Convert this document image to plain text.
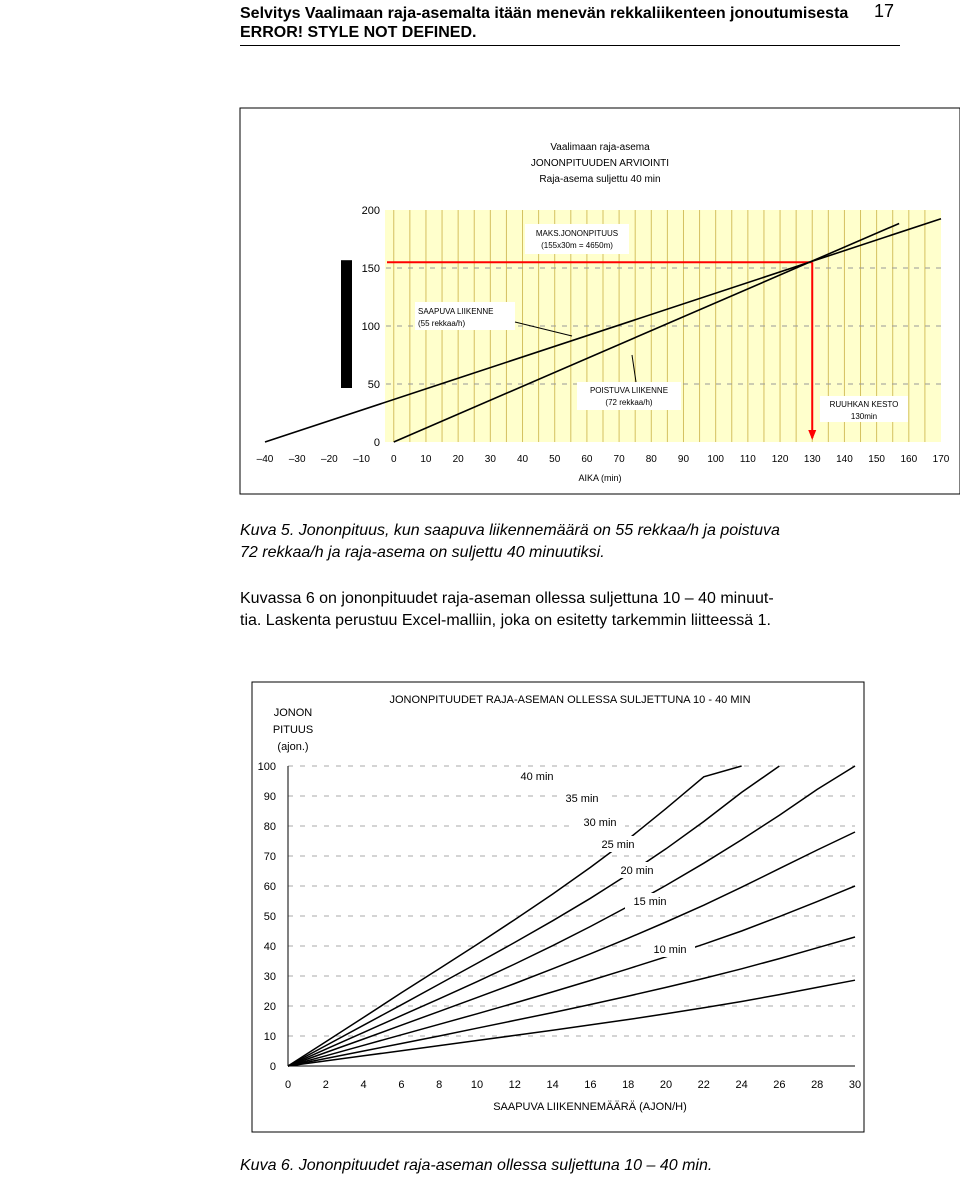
Selvitys Vaalimaan raja-asemalta itään menevän rekkaliikenteen jonoutumisesta
ERROR! STYLE NOT DEFINED.
17
Vaalimaan raja-asema
JONONPITUUDEN ARVIOINTI
Raja-asema suljettu 40 min
0
50
100
150
200
MAKS.JONONPITUUS
(155x30m = 4650m)
SAAPUVA LIIKENNE
(55 rekkaa/h)
POISTUVA LIIKENNE
(72 rekkaa/h)	RUUHKAN KESTO
130min
–40 –30 –20 –10 0 10 20 30 40 50 60 70 80 90 100 110 120 130 140 150 160 170
AIKA (min)
Kuva 5. Jononpituus, kun saapuva liikennemäärä on 55 rekkaa/h ja poistuva
72 rekkaa/h ja raja-asema on suljettu 40 minuutiksi.
Kuvassa 6 on jononpituudet raja-aseman ollessa suljettuna 10 – 40 minuut-
tia. Laskenta perustuu Excel-malliin, joka on esitetty tarkemmin liitteessä 1.
JONONPITUUDET RAJA-ASEMAN OLLESSA SULJETTUNA 10 - 40 MIN
JONON
PITUUS
(ajon.)
0
10
20
30
40
50
60
70
80
90
100
40 min
35 min
30 min
25 min
20 min
15 min
10 min
0	2	4	6	8	10 12 14 16 18 20 22 24 26 28 30
SAAPUVA LIIKENNEMÄÄRÄ (AJON/H)
Kuva 6. Jononpituudet raja-aseman ollessa suljettuna 10 – 40 min.
